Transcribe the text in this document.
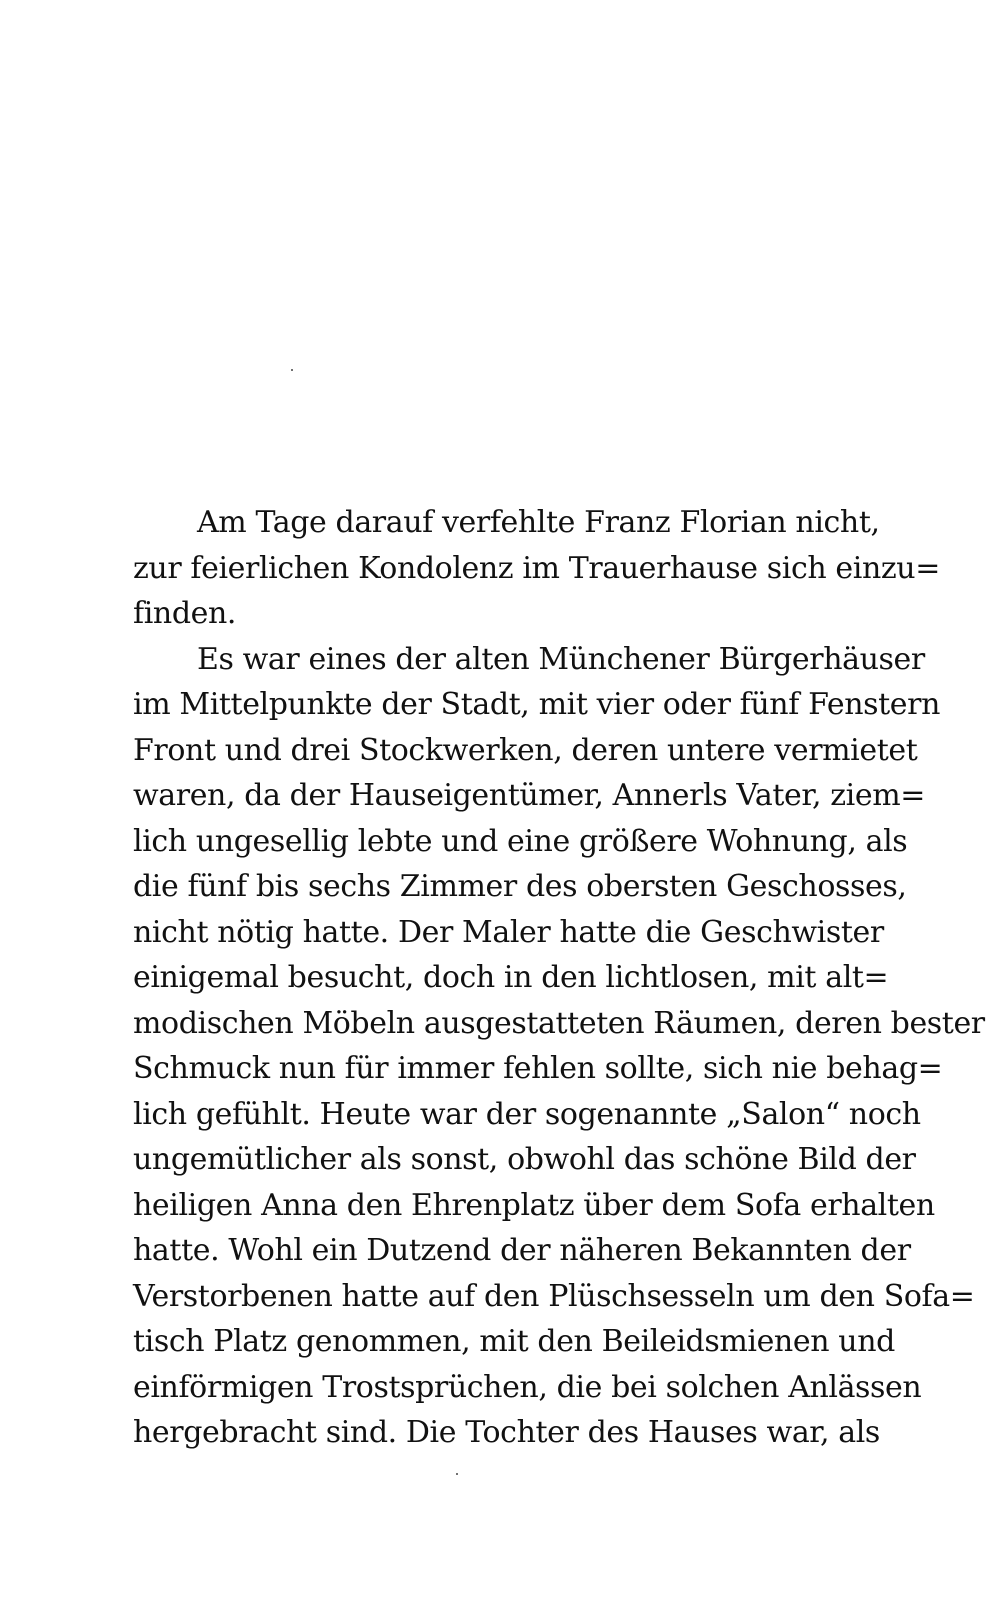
Am Tage darauf verfehlte Franz Florian nicht,
zur feierlichen Kondolenz im Trauerhause sich einzu=
finden.
Es war eines der alten Münchener Bürgerhäuser
im Mittelpunkte der Stadt, mit vier oder fünf Fenstern
Front und drei Stockwerken, deren untere vermietet
waren, da der Hauseigentümer, Annerls Vater, ziem=
lich ungesellig lebte und eine größere Wohnung, als
die fünf bis sechs Zimmer des obersten Geschosses,
nicht nötig hatte. Der Maler hatte die Geschwister
einigemal besucht, doch in den lichtlosen, mit alt=
modischen Möbeln ausgestatteten Räumen, deren bester
Schmuck nun für immer fehlen sollte, sich nie behag=
lich gefühlt. Heute war der sogenannte „Salon“ noch
ungemütlicher als sonst, obwohl das schöne Bild der
heiligen Anna den Ehrenplatz über dem Sofa erhalten
hatte. Wohl ein Dutzend der näheren Bekannten der
Verstorbenen hatte auf den Plüschsesseln um den Sofa=
tisch Platz genommen, mit den Beileidsmienen und
einförmigen Trostsprüchen, die bei solchen Anlässen
hergebracht sind. Die Tochter des Hauses war, als
